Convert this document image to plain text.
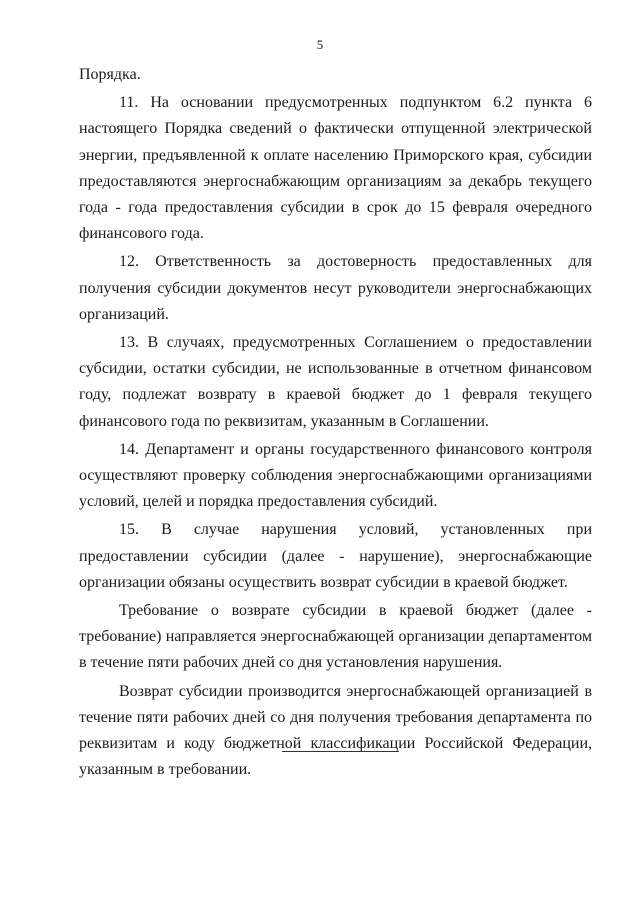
5

Порядка.

11. На основании предусмотренных подпунктом 6.2 пункта 6 настоящего Порядка сведений о фактически отпущенной электрической энергии, предъявленной к оплате населению Приморского края, субсидии предоставляются энергоснабжающим организациям за декабрь текущего года - года предоставления субсидии в срок до 15 февраля очередного финансового года.

12. Ответственность за достоверность предоставленных для получения субсидии документов несут руководители энергоснабжающих организаций.

13. В случаях, предусмотренных Соглашением о предоставлении субсидии, остатки субсидии, не использованные в отчетном финансовом году, подлежат возврату в краевой бюджет до 1 февраля текущего финансового года по реквизитам, указанным в Соглашении.

14. Департамент и органы государственного финансового контроля осуществляют проверку соблюдения энергоснабжающими организациями условий, целей и порядка предоставления субсидий.

15. В случае нарушения условий, установленных при предоставлении субсидии (далее - нарушение), энергоснабжающие организации обязаны осуществить возврат субсидии в краевой бюджет.

Требование о возврате субсидии в краевой бюджет (далее - требование) направляется энергоснабжающей организации департаментом в течение пяти рабочих дней со дня установления нарушения.

Возврат субсидии производится энергоснабжающей организацией в течение пяти рабочих дней со дня получения требования департамента по реквизитам и коду бюджетной классификации Российской Федерации, указанным в требовании.
